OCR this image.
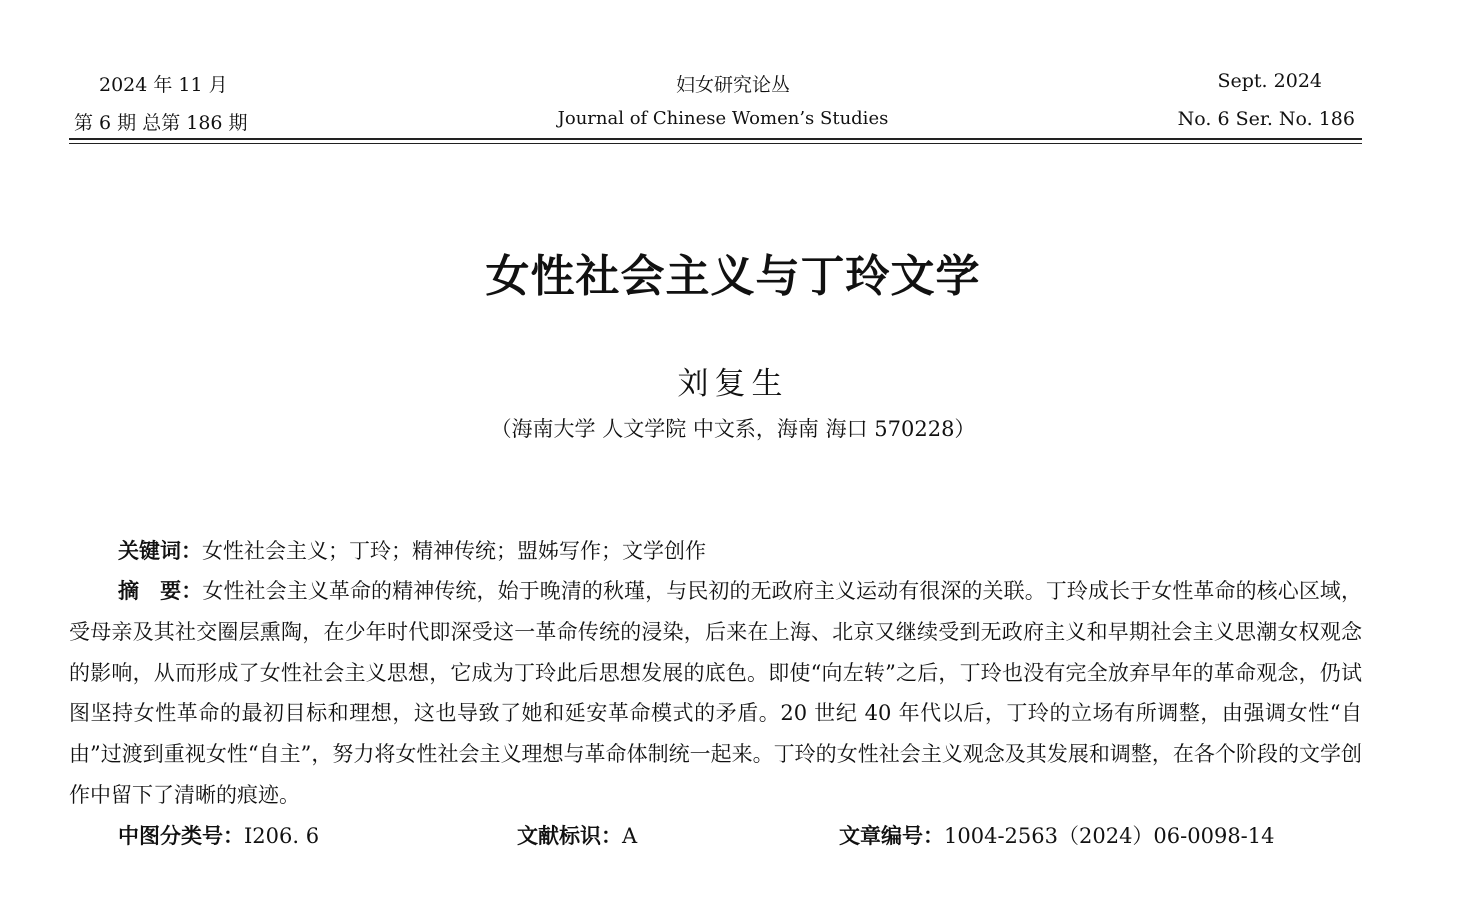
2024 年 11 月
第 6 期 总第 186 期
妇女研究论丛
Journal of Chinese Women’s Studies
Sept. 2024
No. 6 Ser. No. 186
女性社会主义与丁玲文学
刘复生
（海南大学 人文学院 中文系，海南 海口 570228）
关键词：女性社会主义；丁玲；精神传统；盟姊写作；文学创作

摘　要：女性社会主义革命的精神传统，始于晚清的秋瑾，与民初的无政府主义运动有很深的关联。丁玲成长于女性革命的核心区域，受母亲及其社交圈层熏陶，在少年时代即深受这一革命传统的浸染，后来在上海、北京又继续受到无政府主义和早期社会主义思潮女权观念的影响，从而形成了女性社会主义思想，它成为丁玲此后思想发展的底色。即使“向左转”之后，丁玲也没有完全放弃早年的革命观念，仍试图坚持女性革命的最初目标和理想，这也导致了她和延安革命模式的矛盾。20 世纪 40 年代以后，丁玲的立场有所调整，由强调女性“自由”过渡到重视女性“自主”，努力将女性社会主义理想与革命体制统一起来。丁玲的女性社会主义观念及其发展和调整，在各个阶段的文学创作中留下了清晰的痕迹。

中图分类号：I206. 6	文献标识：A	文章编号：1004-2563（2024）06-0098-14
